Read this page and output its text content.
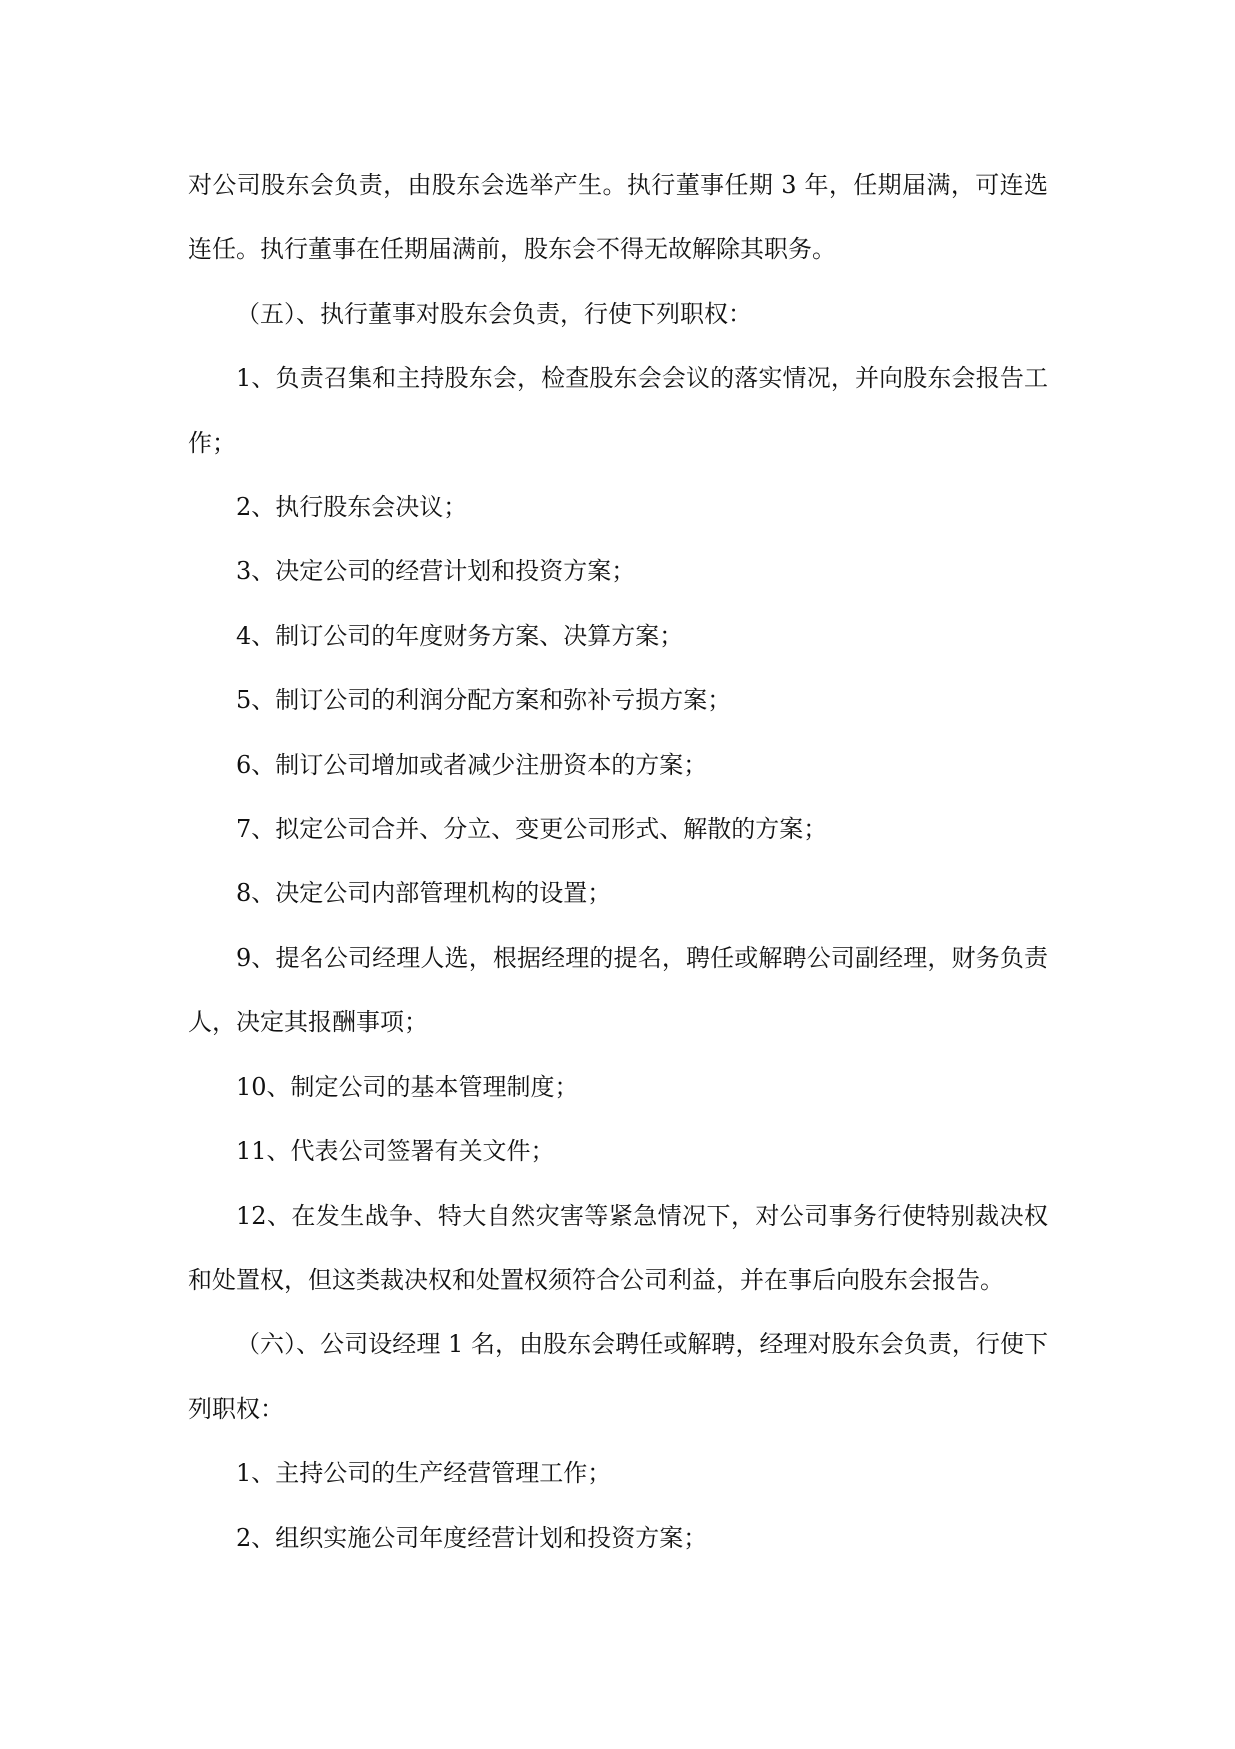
对公司股东会负责，由股东会选举产生。执行董事任期 3 年，任期届满，可连选连任。执行董事在任期届满前，股东会不得无故解除其职务。

（五）、执行董事对股东会负责，行使下列职权：

1、负责召集和主持股东会，检查股东会会议的落实情况，并向股东会报告工作；

2、执行股东会决议；

3、决定公司的经营计划和投资方案；

4、制订公司的年度财务方案、决算方案；

5、制订公司的利润分配方案和弥补亏损方案；

6、制订公司增加或者减少注册资本的方案；

7、拟定公司合并、分立、变更公司形式、解散的方案；

8、决定公司内部管理机构的设置；

9、提名公司经理人选，根据经理的提名，聘任或解聘公司副经理，财务负责人，决定其报酬事项；

10、制定公司的基本管理制度；

11、代表公司签署有关文件；

12、在发生战争、特大自然灾害等紧急情况下，对公司事务行使特别裁决权和处置权，但这类裁决权和处置权须符合公司利益，并在事后向股东会报告。

（六）、公司设经理 1 名，由股东会聘任或解聘，经理对股东会负责，行使下列职权：

1、主持公司的生产经营管理工作；

2、组织实施公司年度经营计划和投资方案；
